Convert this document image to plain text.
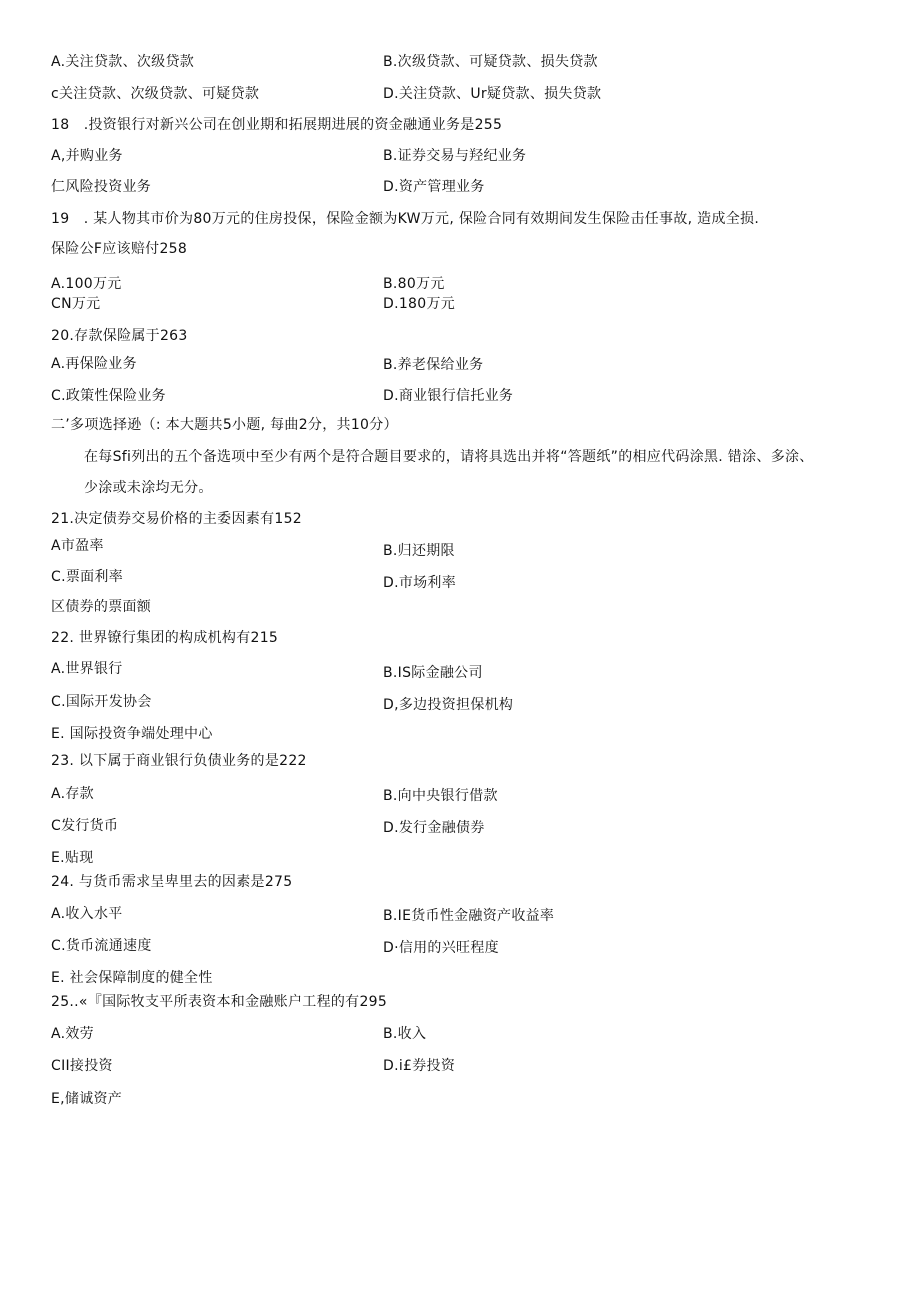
A.关注贷款、次级贷款	B.次级贷款、可疑贷款、损失贷款
c关注贷款、次级贷款、可疑贷款	D.关注贷款、Ur疑贷款、损失贷款
18　.投资银行对新兴公司在创业期和拓展期进展的资金融通业务是255
A,并购业务	B.证券交易与羟纪业务
仁风险投资业务	D.资产管理业务
19　. 某人物其市价为80万元的住房投保，保险金额为KW万元, 保险合同有效期间发生保险击任事故, 造成全损.
保险公F应该赔付258
A.100万元	B.80万元
CN万元	D.180万元
20.存款保险属于263
A.再保险业务	B.养老保给业务
C.政策性保险业务	D.商业银行信托业务
二’多项选择逊（: 本大题共5小题, 每曲2分，共10分）
在每Sfi列出的五个备选项中至少有两个是符合题目要求的，请将具选出并将“答题纸”的相应代码涂黑. 错涂、多涂、
少涂或未涂均无分。
21.决定债券交易价格的主委因素有152
A市盈率	B.归还期限
C.票面利率	D.市场利率
区债券的票面额
22. 世界镣行集团的构成机构有215
A.世界银行	B.IS际金融公司
C.国际开发协会	D,多边投资担保机构
E. 国际投资争端处理中心
23. 以下属于商业银行负债业务的是222
A.存款	B.向中央银行借款
C发行货币	D.发行金融债券
E.贴现
24. 与货币需求呈卑里去的因素是275
A.收入水平	B.IE货币性金融资产收益率
C.货币流通速度	D·信用的兴旺程度
E. 社会保障制度的健全性
25..«『国际牧支平所表资本和金融账户工程的有295
A.效劳	B.收入
CII接投资	D.i£券投资
E,储诚资产
